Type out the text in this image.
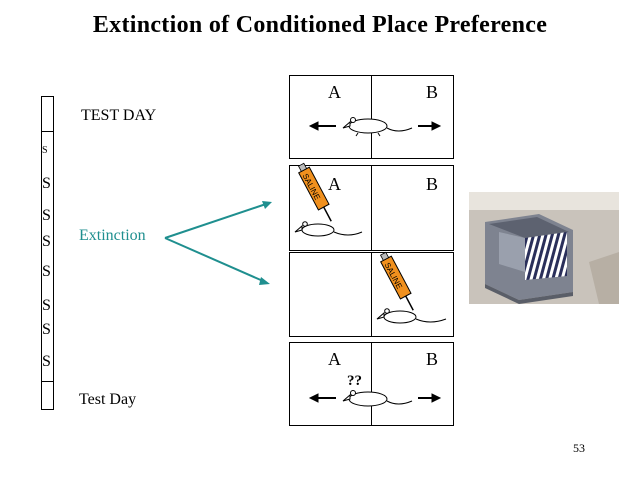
Extinction of Conditioned Place Preference
S
S
S
S
S
S
S
S
TEST DAY
Extinction
Test Day
A	B
A	B
SALINE
SALINE
A	B
??
53
